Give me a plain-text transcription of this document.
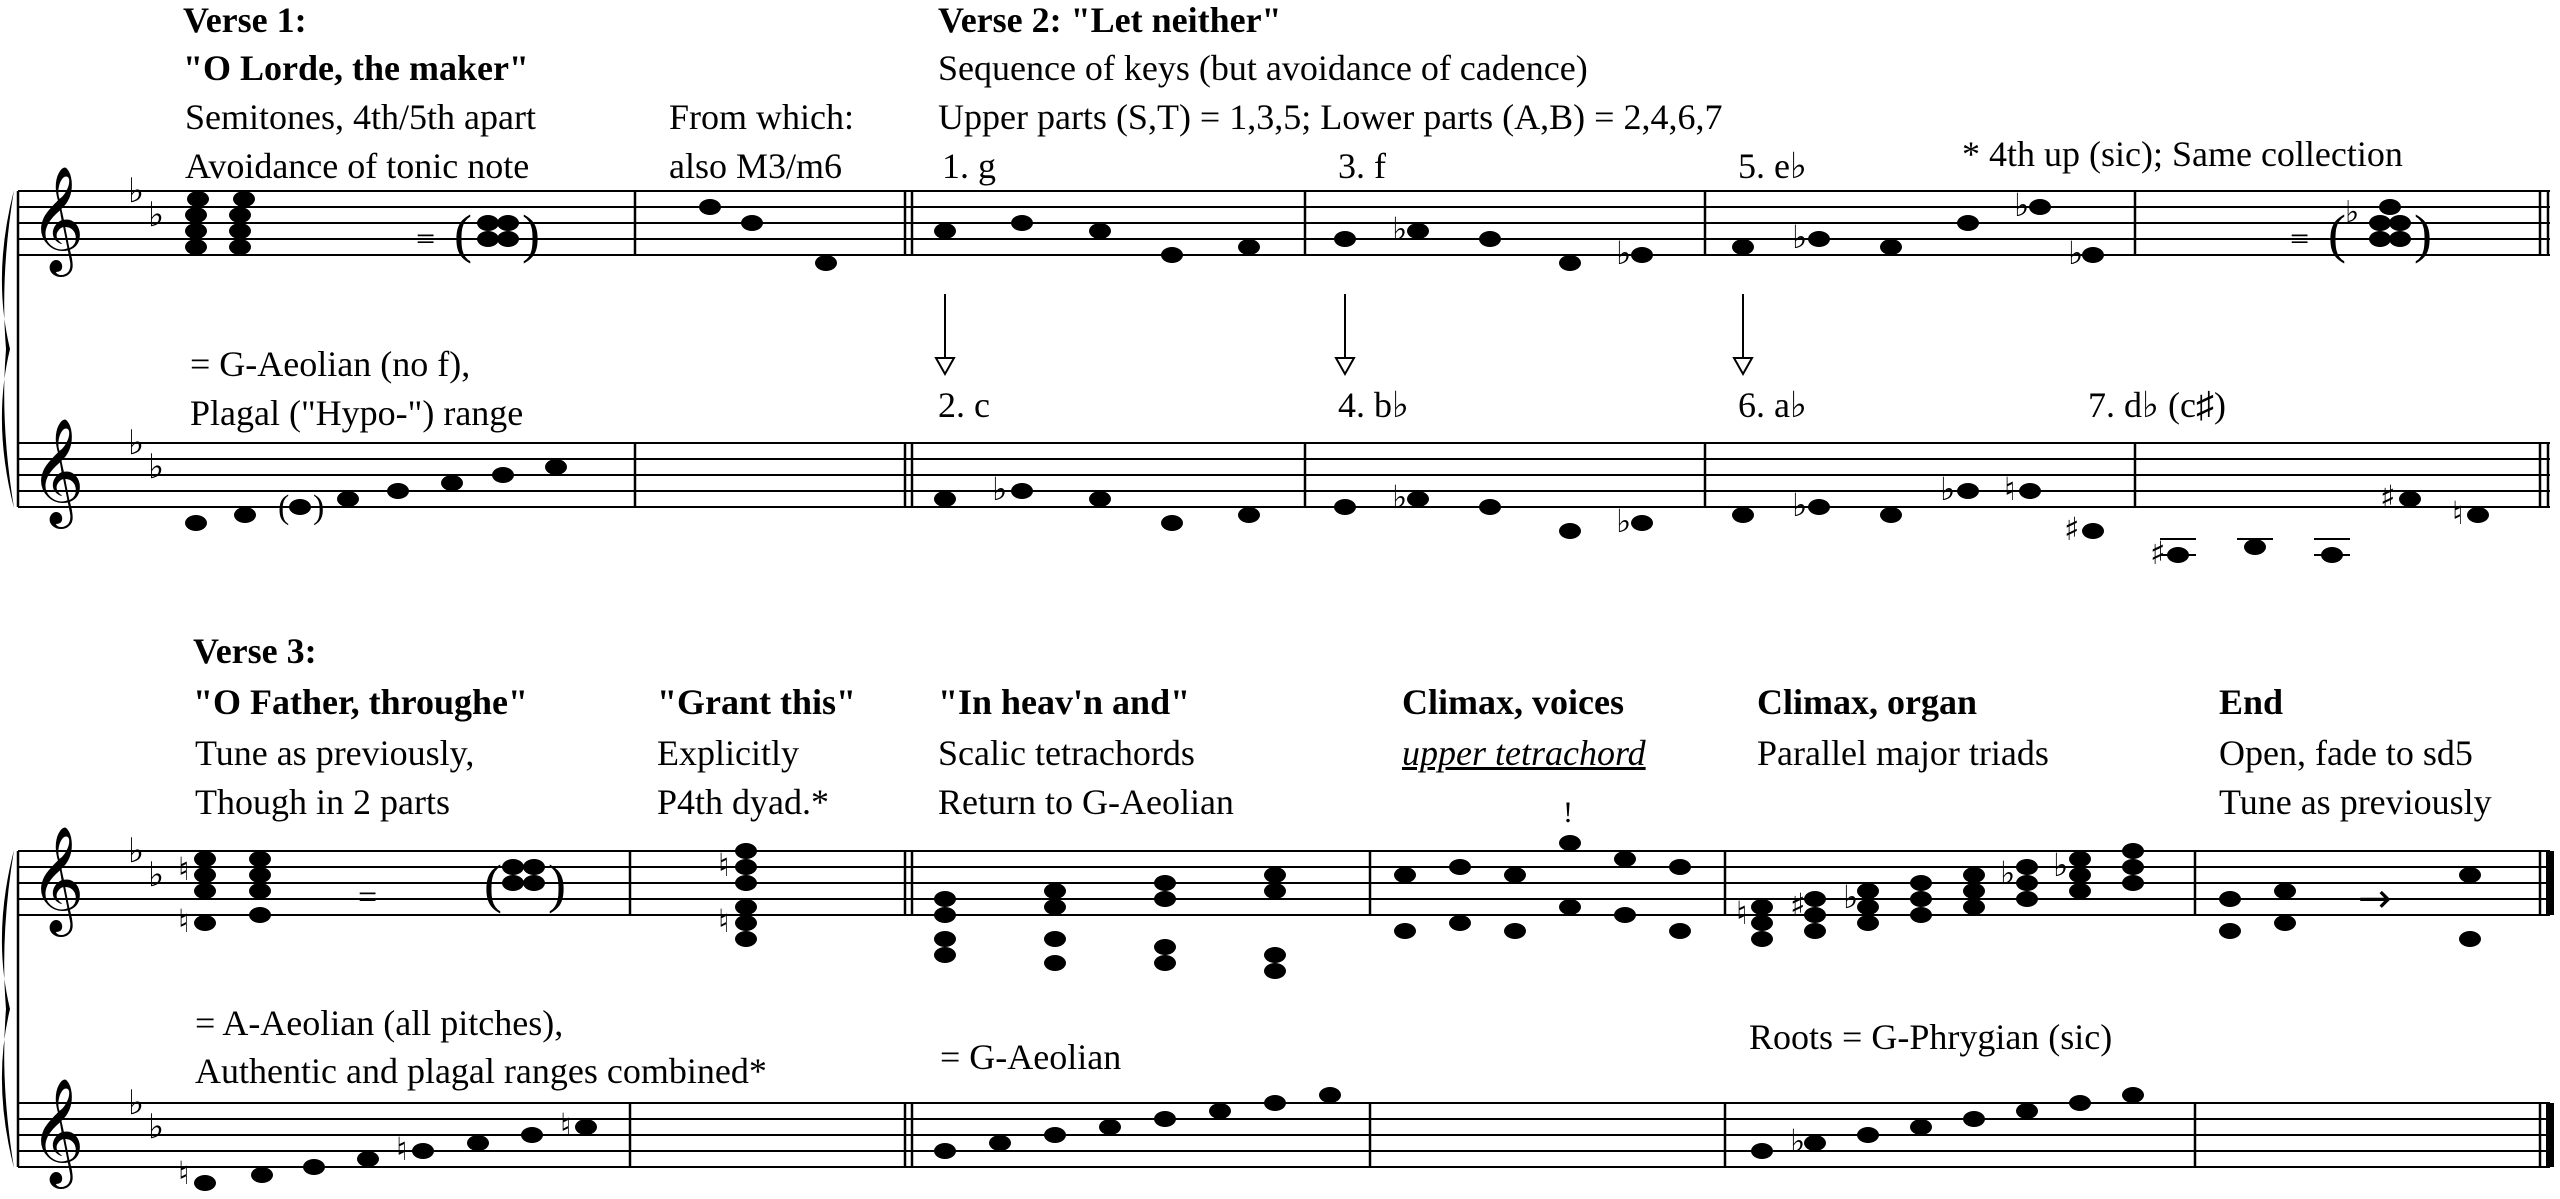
𝄞
𝄞
♭
♭
♭
♭
= ( )
( )
♭
♭	♭
♭
♭	= ( ♭ )
♭	♭
♭	♭	♭ ♮
♯
♯
♯ ♮
𝄞
𝄞
♭
♭
♭
♭
= ( )
!
→
♮
♮
♮
♮
♮
♮
♮
♮ ♯ ♭
♭ ♭
♭
Verse 1:
"O Lorde, the maker"
Semitones, 4th/5th apart
Avoidance of tonic note
From which:
also M3/m6
= G-Aeolian (no f),
Plagal ("Hypo-") range
Verse 2: "Let neither"
Sequence of keys (but avoidance of cadence)
Upper parts (S,T) = 1,3,5; Lower parts (A,B) = 2,4,6,7
1. g	3. f	5. e♭	* 4th up (sic); Same collection
2. c	4. b♭	6. a♭	7. d♭ (c♯)
Verse 3:
"O Father, throughe"
Tune as previously,
Though in 2 parts
= A-Aeolian (all pitches),
Authentic and plagal ranges combined*
"Grant this"
Explicitly
P4th dyad.*
"In heav'n and"
Scalic tetrachords
Return to G-Aeolian
= G-Aeolian
Climax, voices
upper tetrachord
Climax, organ
Parallel major triads
Roots = G-Phrygian (sic)
End
Open, fade to sd5
Tune as previously
